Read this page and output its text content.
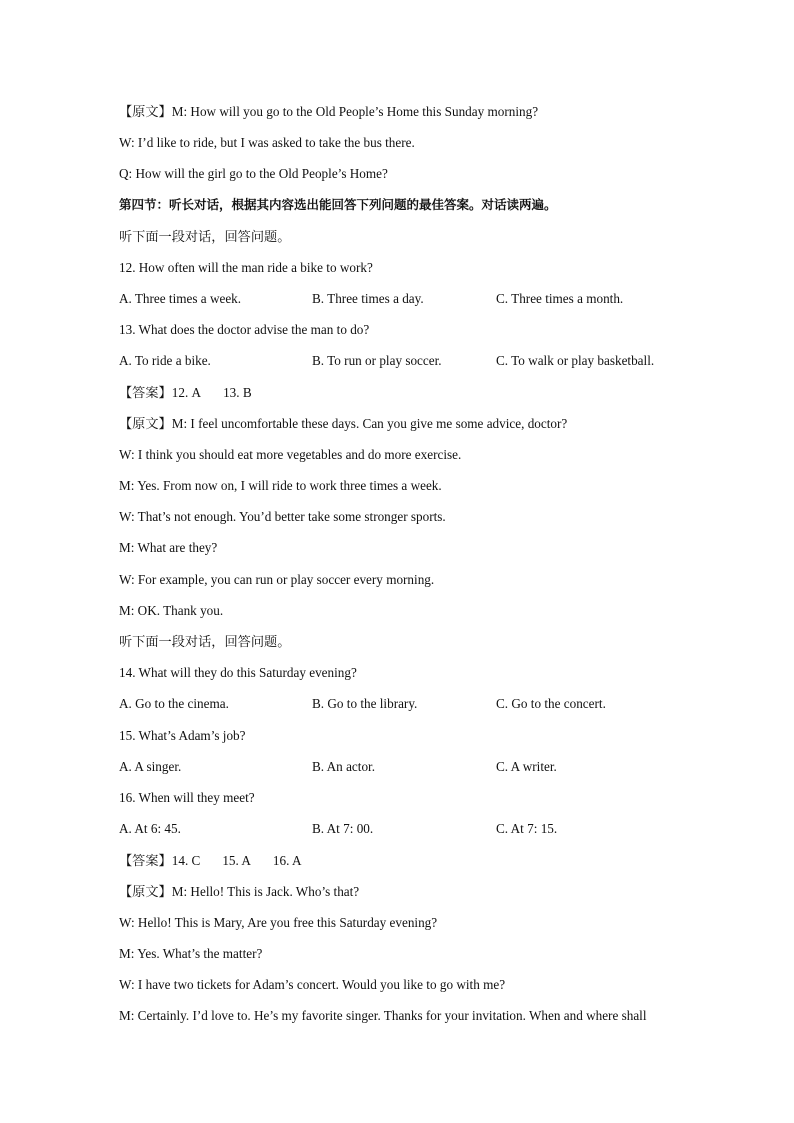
【原文】M: How will you go to the Old People’s Home this Sunday morning?
W: I’d like to ride, but I was asked to take the bus there.
Q: How will the girl go to the Old People’s Home?
第四节：听长对话，根据其内容选出能回答下列问题的最佳答案。对话读两遍。
听下面一段对话，回答问题。
12. How often will the man ride a bike to work?
A. Three times a week.	B. Three times a day.	C. Three times a month.
13. What does the doctor advise the man to do?
A. To ride a bike.	B. To run or play soccer.	C. To walk or play basketball.
【答案】12. A 13. B
【原文】M: I feel uncomfortable these days. Can you give me some advice, doctor?
W: I think you should eat more vegetables and do more exercise.
M: Yes. From now on, I will ride to work three times a week.
W: That’s not enough. You’d better take some stronger sports.
M: What are they?
W: For example, you can run or play soccer every morning.
M: OK. Thank you.
听下面一段对话，回答问题。
14. What will they do this Saturday evening?
A. Go to the cinema.	B. Go to the library.	C. Go to the concert.
15. What’s Adam’s job?
A. A singer.	B. An actor.	C. A writer.
16. When will they meet?
A. At 6: 45.	B. At 7: 00.	C. At 7: 15.
【答案】14. C 15. A 16. A
【原文】M: Hello! This is Jack. Who’s that?
W: Hello! This is Mary, Are you free this Saturday evening?
M: Yes. What’s the matter?
W: I have two tickets for Adam’s concert. Would you like to go with me?
M: Certainly. I’d love to. He’s my favorite singer. Thanks for your invitation. When and where shall
